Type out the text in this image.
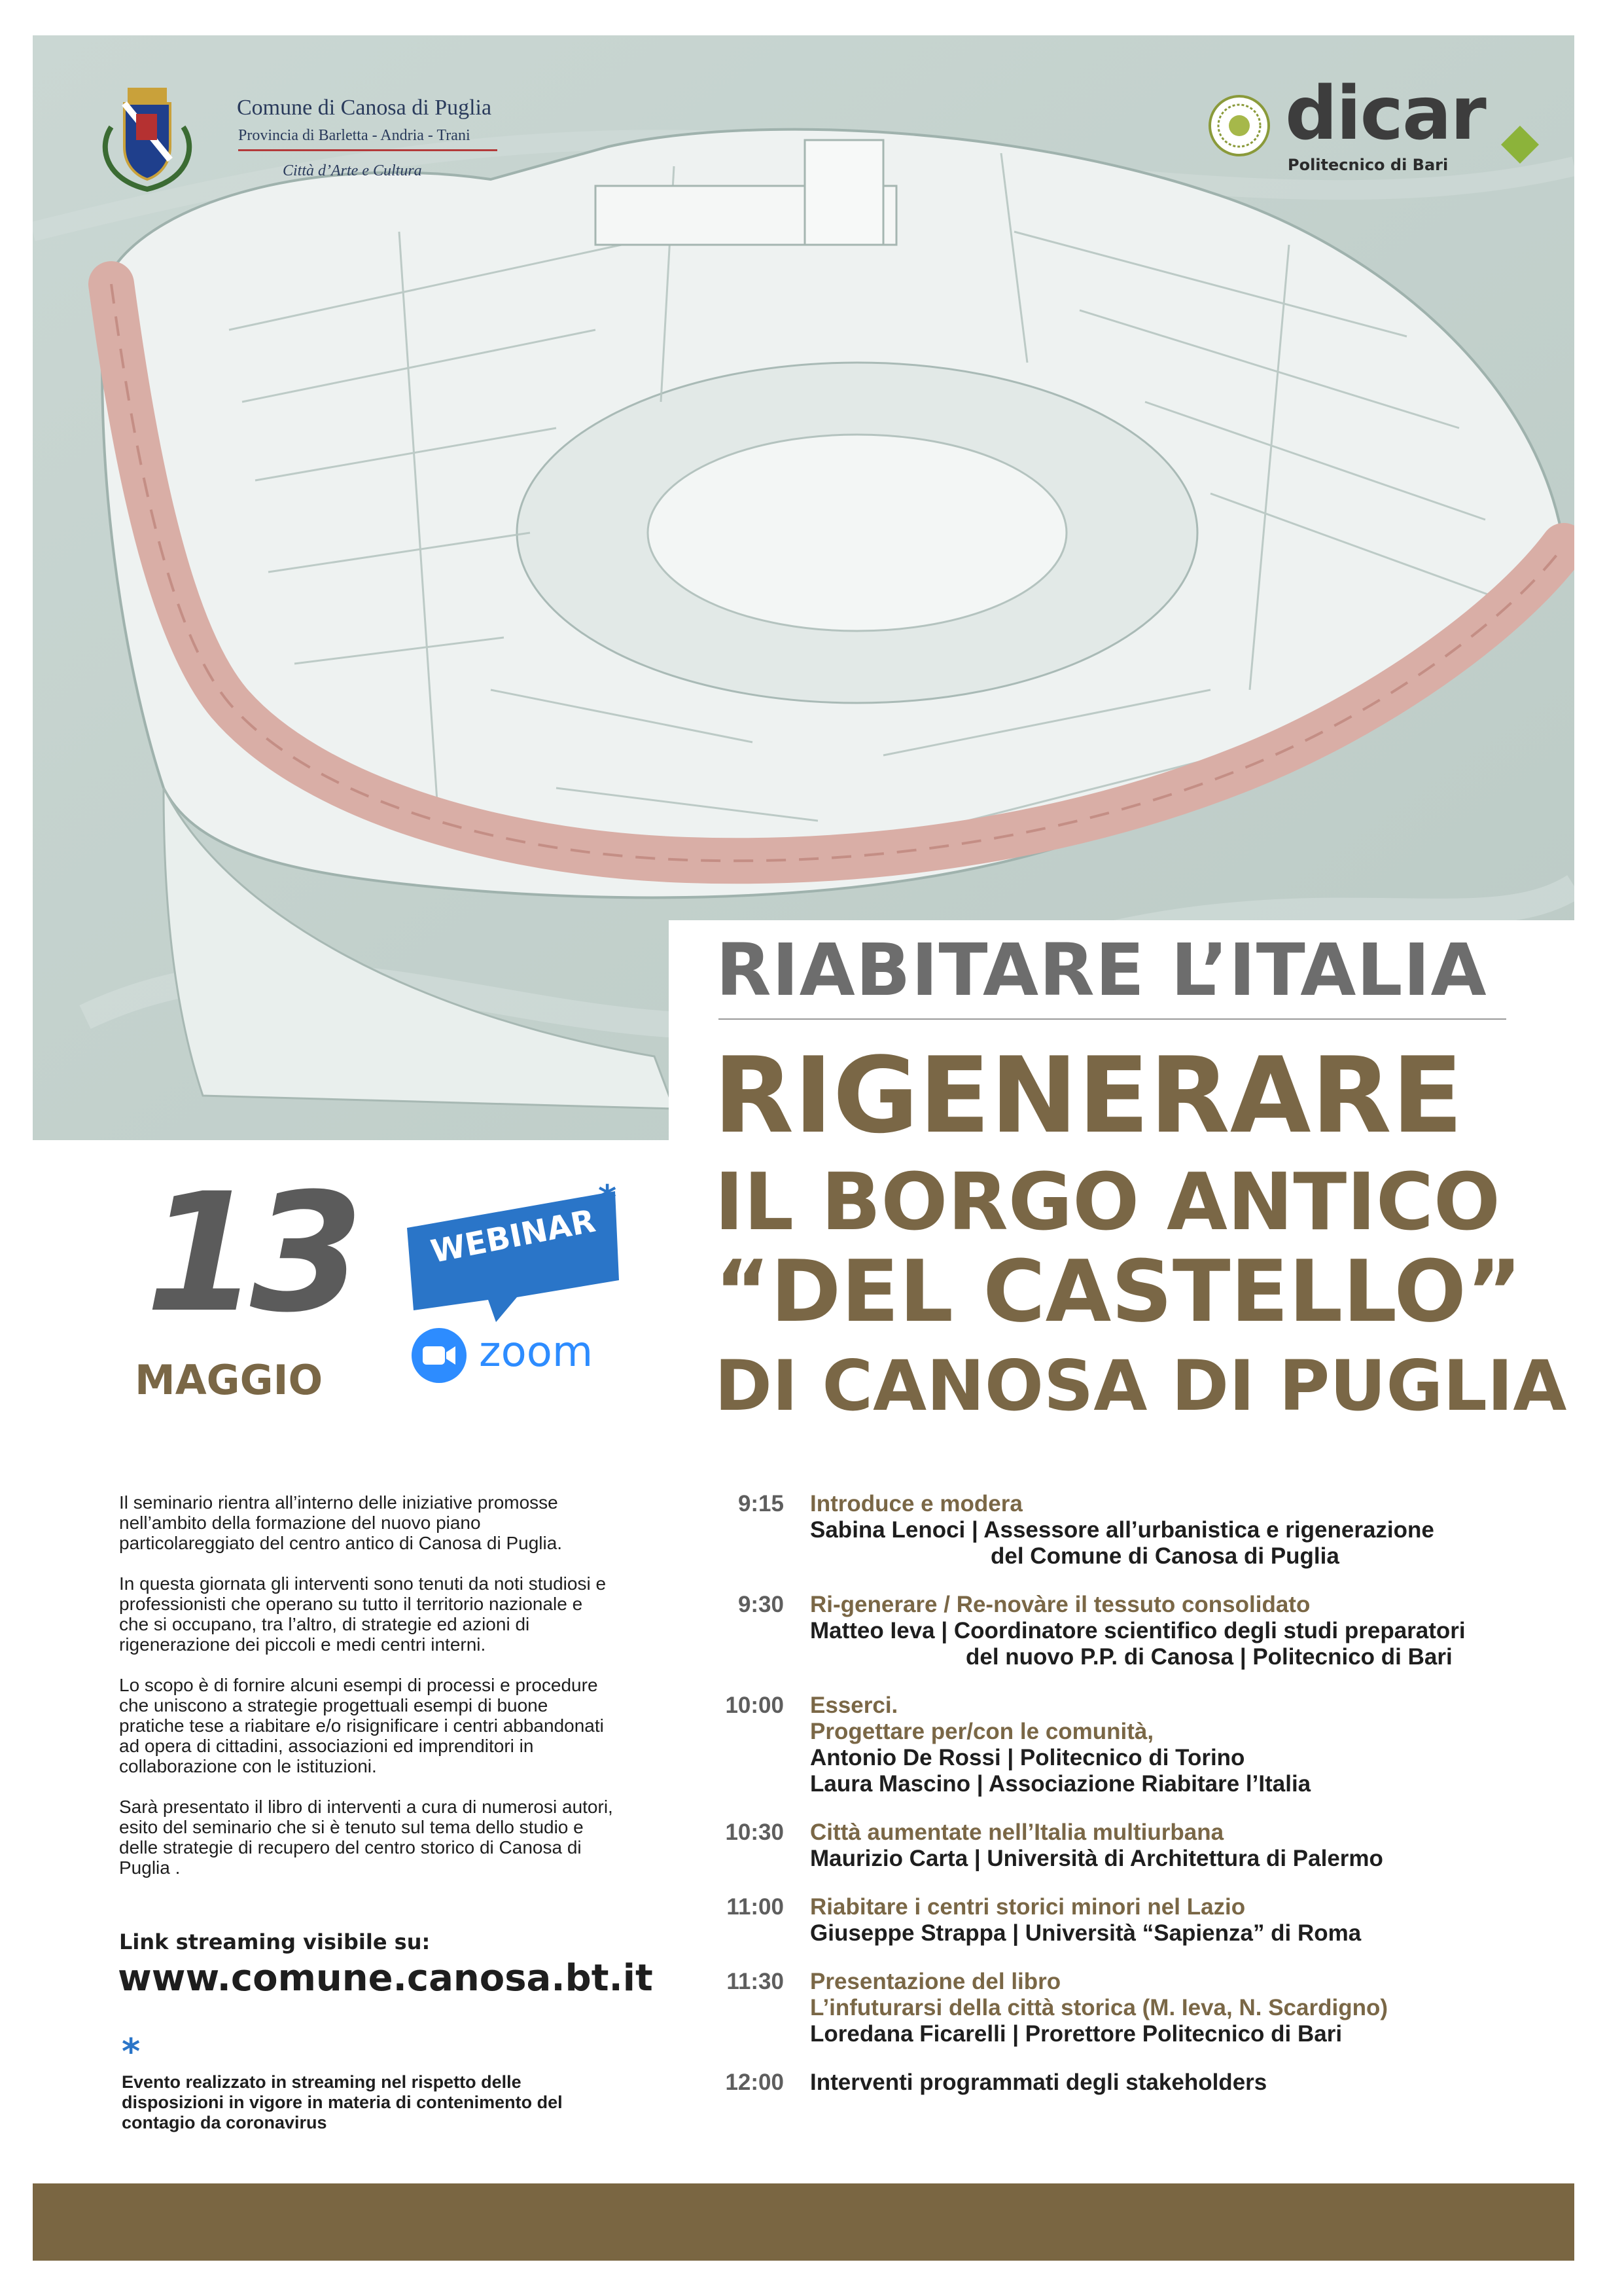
Comune di Canosa di Puglia
Provincia di Barletta - Andria - Trani
Città d’Arte e Cultura
dicar
Politecnico di Bari
RIABITARE L’ITALIA
RIGENERARE
IL BORGO ANTICO
“DEL CASTELLO”
DI CANOSA DI PUGLIA
13
MAGGIO
WEBINAR
*
zoom

Il seminario rientra all’interno delle iniziative promosse nell’ambito della formazione del nuovo piano particolareggiato del centro antico di Canosa di Puglia.

In questa giornata gli interventi sono tenuti da noti studiosi e professionisti che operano su tutto il territorio nazionale e che si occupano, tra l’altro, di strategie ed azioni di rigenerazione dei piccoli e medi centri interni.

Lo scopo è di fornire alcuni esempi di processi e procedure che uniscono a strategie progettuali esempi di buone pratiche tese a riabitare e/o risignificare i centri abbandonati ad opera di cittadini, associazioni ed imprenditori in collaborazione con le istituzioni.

Sarà presentato il libro di interventi a cura di numerosi autori, esito del seminario che si è tenuto sul tema dello studio e delle strategie di recupero del centro storico di Canosa di Puglia .

Link streaming visibile su:
www.comune.canosa.bt.it
*
Evento realizzato in streaming nel rispetto delle disposizioni in vigore in materia di contenimento del contagio da coronavirus
9:15 Introduce e modera
Sabina Lenoci | Assessore all’urbanistica e rigenerazione
del Comune di Canosa di Puglia
9:30 Ri-generare / Re-novàre il tessuto consolidato
Matteo Ieva | Coordinatore scientifico degli studi preparatori
del nuovo P.P. di Canosa | Politecnico di Bari
10:00 Esserci.
Progettare per/con le comunità,
Antonio De Rossi | Politecnico di Torino
Laura Mascino | Associazione Riabitare l’Italia
10:30 Città aumentate nell’Italia multiurbana
Maurizio Carta | Università di Architettura di Palermo
11:00 Riabitare i centri storici minori nel Lazio
Giuseppe Strappa | Università “Sapienza” di Roma
11:30 Presentazione del libro
L’infuturarsi della città storica (M. Ieva, N. Scardigno)
Loredana Ficarelli | Prorettore Politecnico di Bari
12:00 Interventi programmati degli stakeholders
